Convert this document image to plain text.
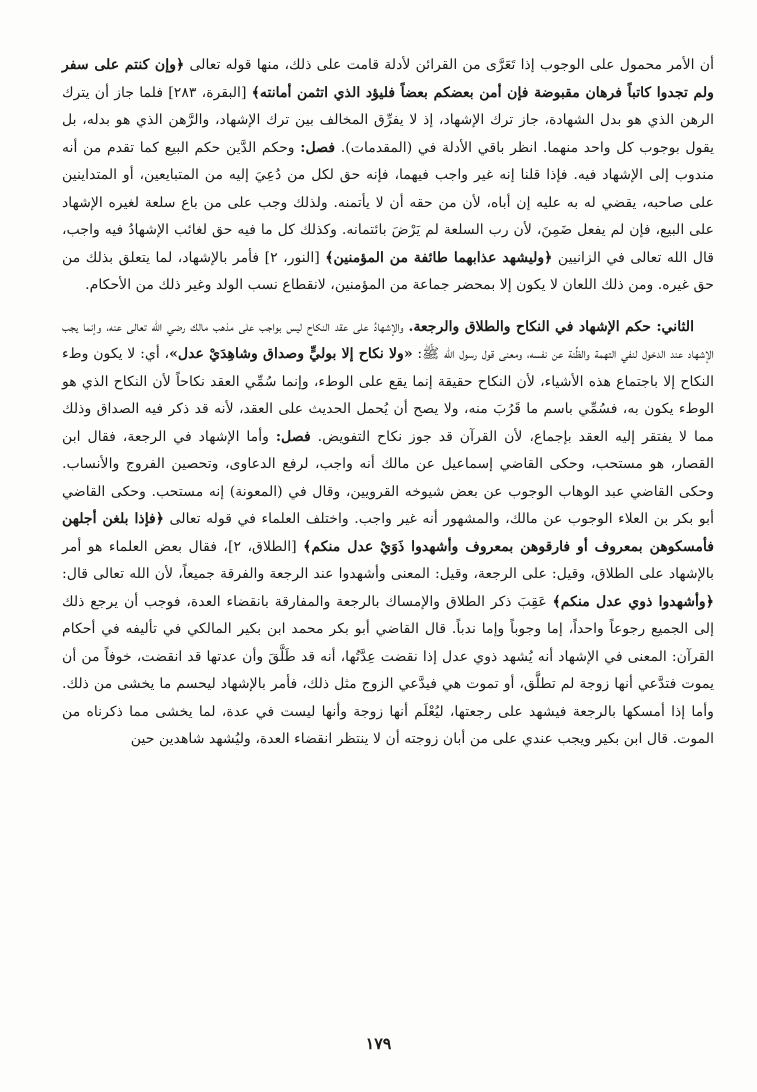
أن الأمر محمول على الوجوب إذا تَعَرَّى من القرائن لأدلة قامت على ذلك، منها قوله تعالى ﴿وإن كنتم على سفر ولم تجدوا كاتباً فرهان مقبوضة فإن أمن بعضكم بعضاً فليؤد الذي اتثمن أمانته﴾ [البقرة، ٢٨٣] فلما جاز أن يترك الرهن الذي هو بدل الشهادة، جاز ترك الإشهاد، إذ لا يفرِّق المخالف بين ترك الإشهاد، والرَّهن الذي هو بدله، بل يقول بوجوب كل واحد منهما. انظر باقي الأدلة في (المقدمات). فصل: وحكم الدَّين حكم البيع كما تقدم من أنه مندوب إلى الإشهاد فيه. فإذا قلنا إنه غير واجب فيهما، فإنه حق لكل من دُعِيَ إليه من المتبايعين، أو المتداينين على صاحبه، يقضي له به عليه إن أباه، لأن من حقه أن لا يأتمنه. ولذلك وجب على من باع سلعة لغيره الإشهاد على البيع، فإن لم يفعل ضَمِنَ، لأن رب السلعة لم يَرْضَ بائتمانه. وكذلك كل ما فيه حق لغائب الإشهادُ فيه واجب، قال الله تعالى في الزانيين ﴿وليشهد عذابهما طائفة من المؤمنين﴾ [النور، ٢] فأمر بالإشهاد، لما يتعلق بذلك من حق غيره. ومن ذلك اللعان لا يكون إلا بمحضر جماعة من المؤمنين، لانقطاع نسب الولد وغير ذلك من الأحكام.

الثاني: حكم الإشهاد في النكاح والطلاق والرجعة. والإشهادُ على عقد النكاح ليس بواجب على مذهب مالك رضي الله تعالى عنه، وإنما يجب الإشهاد عند الدخول لنفي التهمة والظِّنة عن نفسه، ومعنى قول رسول الله ﷺ: «ولا نكاح إلا بوليٍّ وصداق وشاهِدَيْ عدل»، أي: لا يكون وطء النكاح إلا باجتماع هذه الأشياء، لأن النكاح حقيقة إنما يقع على الوطء، وإنما سُمِّي العقد نكاحاً لأن النكاح الذي هو الوطء يكون به، فسُمِّي باسم ما قَرُبَ منه، ولا يصح أن يُحمل الحديث على العقد، لأنه قد ذكر فيه الصداق وذلك مما لا يفتقر إليه العقد بإجماع، لأن القرآن قد جوز نكاح التفويض. فصل: وأما الإشهاد في الرجعة، فقال ابن القصار، هو مستحب، وحكى القاضي إسماعيل عن مالك أنه واجب، لرفع الدعاوى، وتحصين الفروج والأنساب. وحكى القاضي عبد الوهاب الوجوب عن بعض شيوخه القرويين، وقال في (المعونة) إنه مستحب. وحكى القاضي أبو بكر بن العلاء الوجوب عن مالك، والمشهور أنه غير واجب. واختلف العلماء في قوله تعالى ﴿فإذا بلغن أجلهن فأمسكوهن بمعروف أو فارقوهن بمعروف وأشهدوا ذَوَيْ عدل منكم﴾ [الطلاق، ٢]، فقال بعض العلماء هو أمر بالإشهاد على الطلاق، وقيل: على الرجعة، وقيل: المعنى وأشهدوا عند الرجعة والفرقة جميعاً، لأن الله تعالى قال: ﴿وأشهدوا ذوي عدل منكم﴾ عَقِبَ ذكر الطلاق والإمساك بالرجعة والمفارقة بانقضاء العدة، فوجب أن يرجع ذلك إلى الجميع رجوعاً واحداً، إما وجوباً وإما ندباً. قال القاضي أبو بكر محمد ابن بكير المالكي في تأليفه في أحكام القرآن: المعنى في الإشهاد أنه يُشهد ذوي عدل إذا نقضت عِدَّتُها، أنه قد طَلَّقَ وأن عدتها قد انقضت، خوفاً من أن يموت فتدَّعي أنها زوجة لم تطلَّق، أو تموت هي فيدَّعي الزوج مثل ذلك، فأمر بالإشهاد ليحسم ما يخشى من ذلك. وأما إذا أمسكها بالرجعة فيشهد على رجعتها، ليُعْلَم أنها زوجة وأنها ليست في عدة، لما يخشى مما ذكرناه من الموت. قال ابن بكير ويجب عندي على من أبان زوجته أن لا ينتظر انقضاء العدة، وليُشهد شاهدين حين

١٧٩
